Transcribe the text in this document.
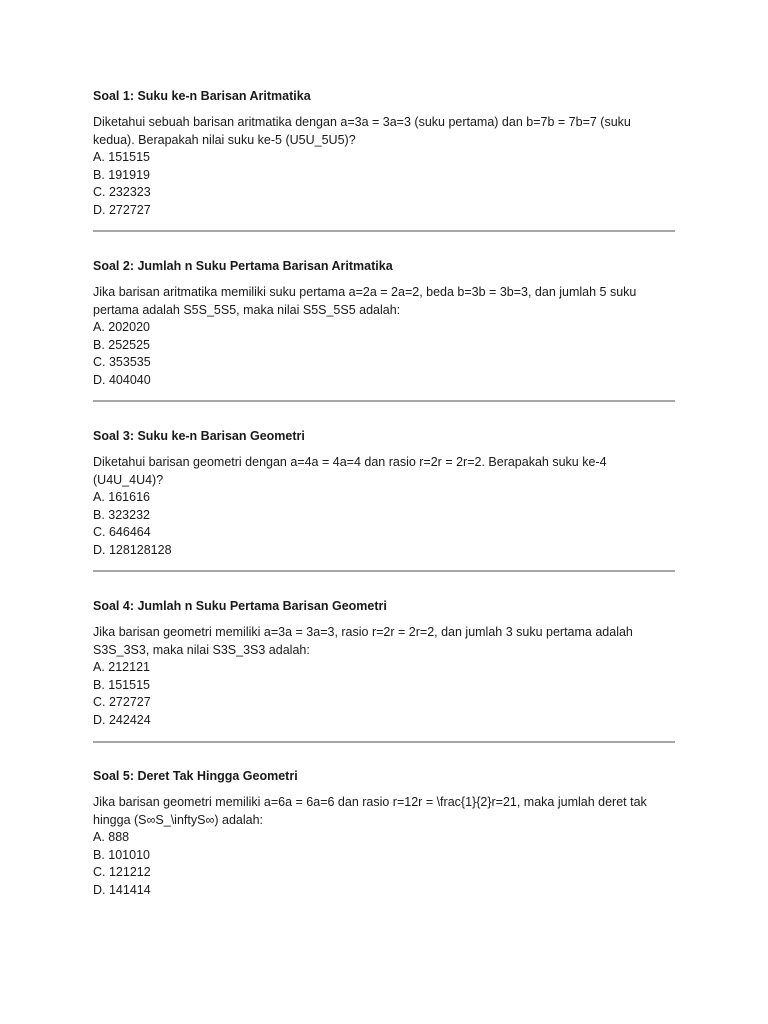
Soal 1: Suku ke-n Barisan Aritmatika

Diketahui sebuah barisan aritmatika dengan a=3a = 3a=3 (suku pertama) dan b=7b = 7b=7 (suku kedua). Berapakah nilai suku ke-5 (U5U_5U5)?

A. 151515
B. 191919
C. 232323
D. 272727

Soal 2: Jumlah n Suku Pertama Barisan Aritmatika

Jika barisan aritmatika memiliki suku pertama a=2a = 2a=2, beda b=3b = 3b=3, dan jumlah 5 suku pertama adalah S5S_5S5, maka nilai S5S_5S5 adalah:

A. 202020
B. 252525
C. 353535
D. 404040

Soal 3: Suku ke-n Barisan Geometri

Diketahui barisan geometri dengan a=4a = 4a=4 dan rasio r=2r = 2r=2. Berapakah suku ke-4 (U4U_4U4)?

A. 161616
B. 323232
C. 646464
D. 128128128

Soal 4: Jumlah n Suku Pertama Barisan Geometri

Jika barisan geometri memiliki a=3a = 3a=3, rasio r=2r = 2r=2, dan jumlah 3 suku pertama adalah S3S_3S3, maka nilai S3S_3S3 adalah:

A. 212121
B. 151515
C. 272727
D. 242424

Soal 5: Deret Tak Hingga Geometri

Jika barisan geometri memiliki a=6a = 6a=6 dan rasio r=12r = \frac{1}{2}r=21, maka jumlah deret tak hingga (S∞S_\inftyS∞) adalah:

A. 888
B. 101010
C. 121212
D. 141414
